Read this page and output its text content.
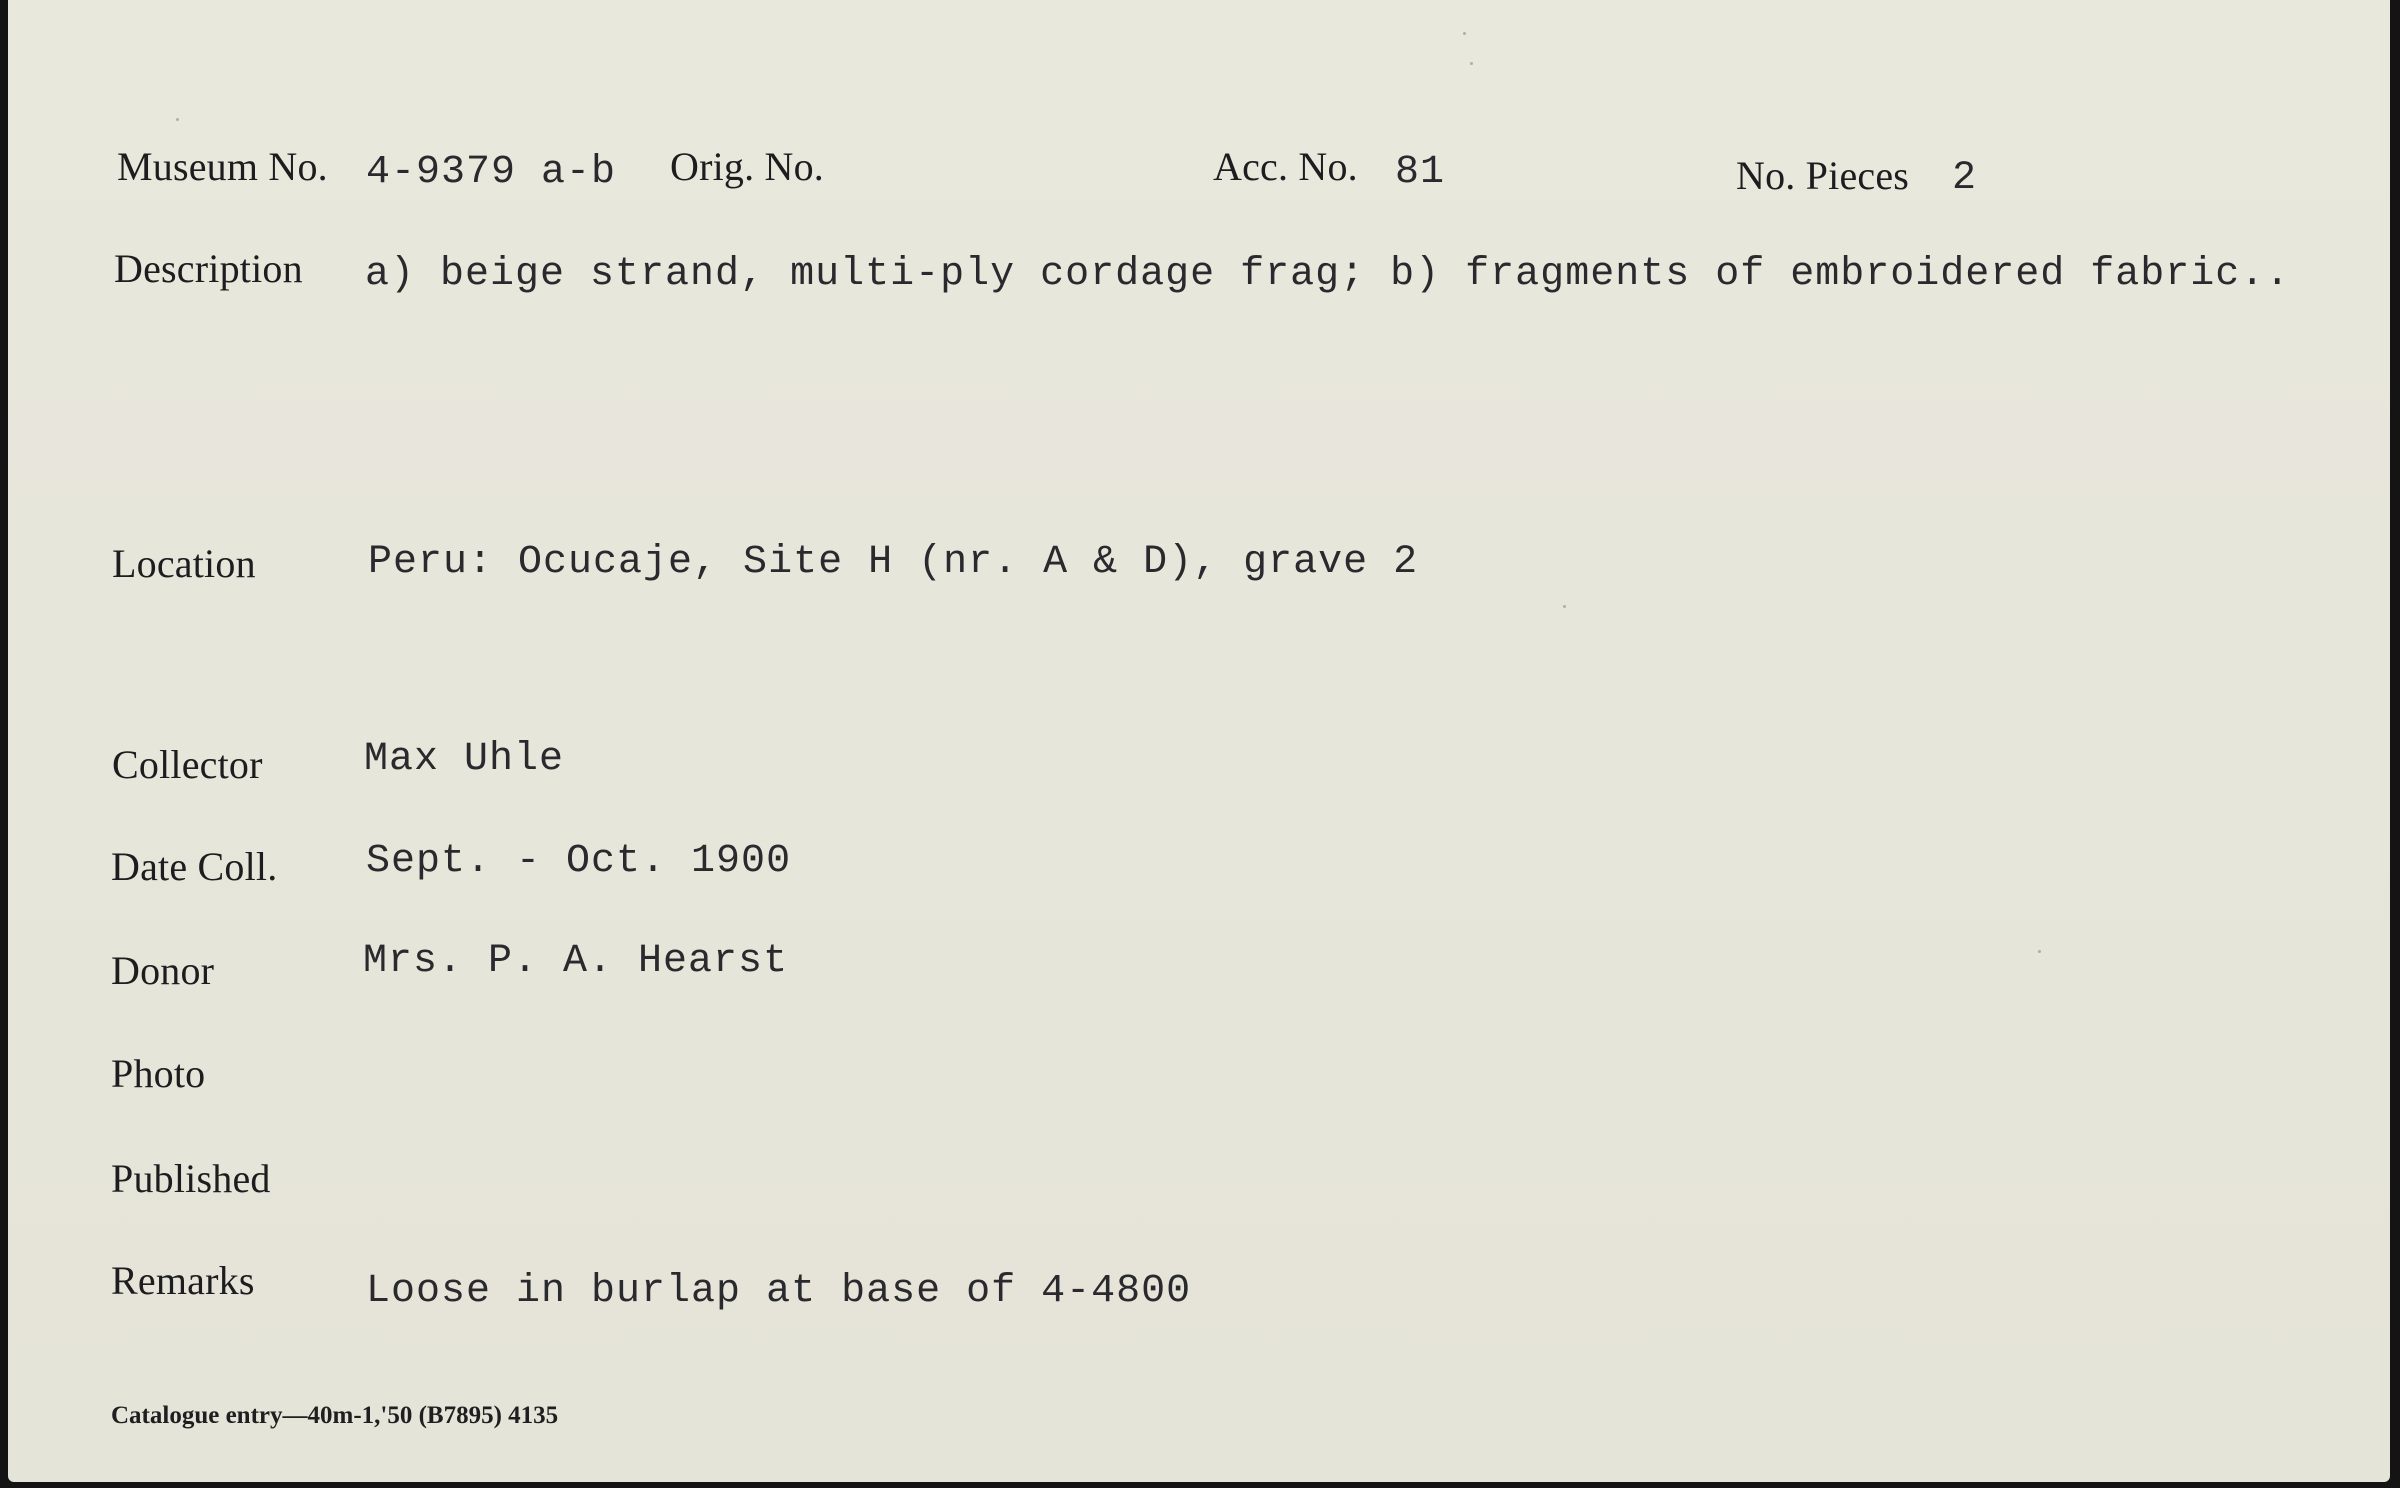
Museum No. 4-9379 a-b Orig. No.	Acc. No. 81	No. Pieces 2
Description a) beige strand, multi-ply cordage frag; b) fragments of embroidered fabric..
Location	Peru: Ocucaje, Site H (nr. A & D), grave 2
Collector	Max Uhle
Date Coll. Sept. - Oct. 1900
Donor	Mrs. P. A. Hearst
Photo
Published
Remarks	Loose in burlap at base of 4-4800
Catalogue entry—40m-1,'50 (B7895) 4135
